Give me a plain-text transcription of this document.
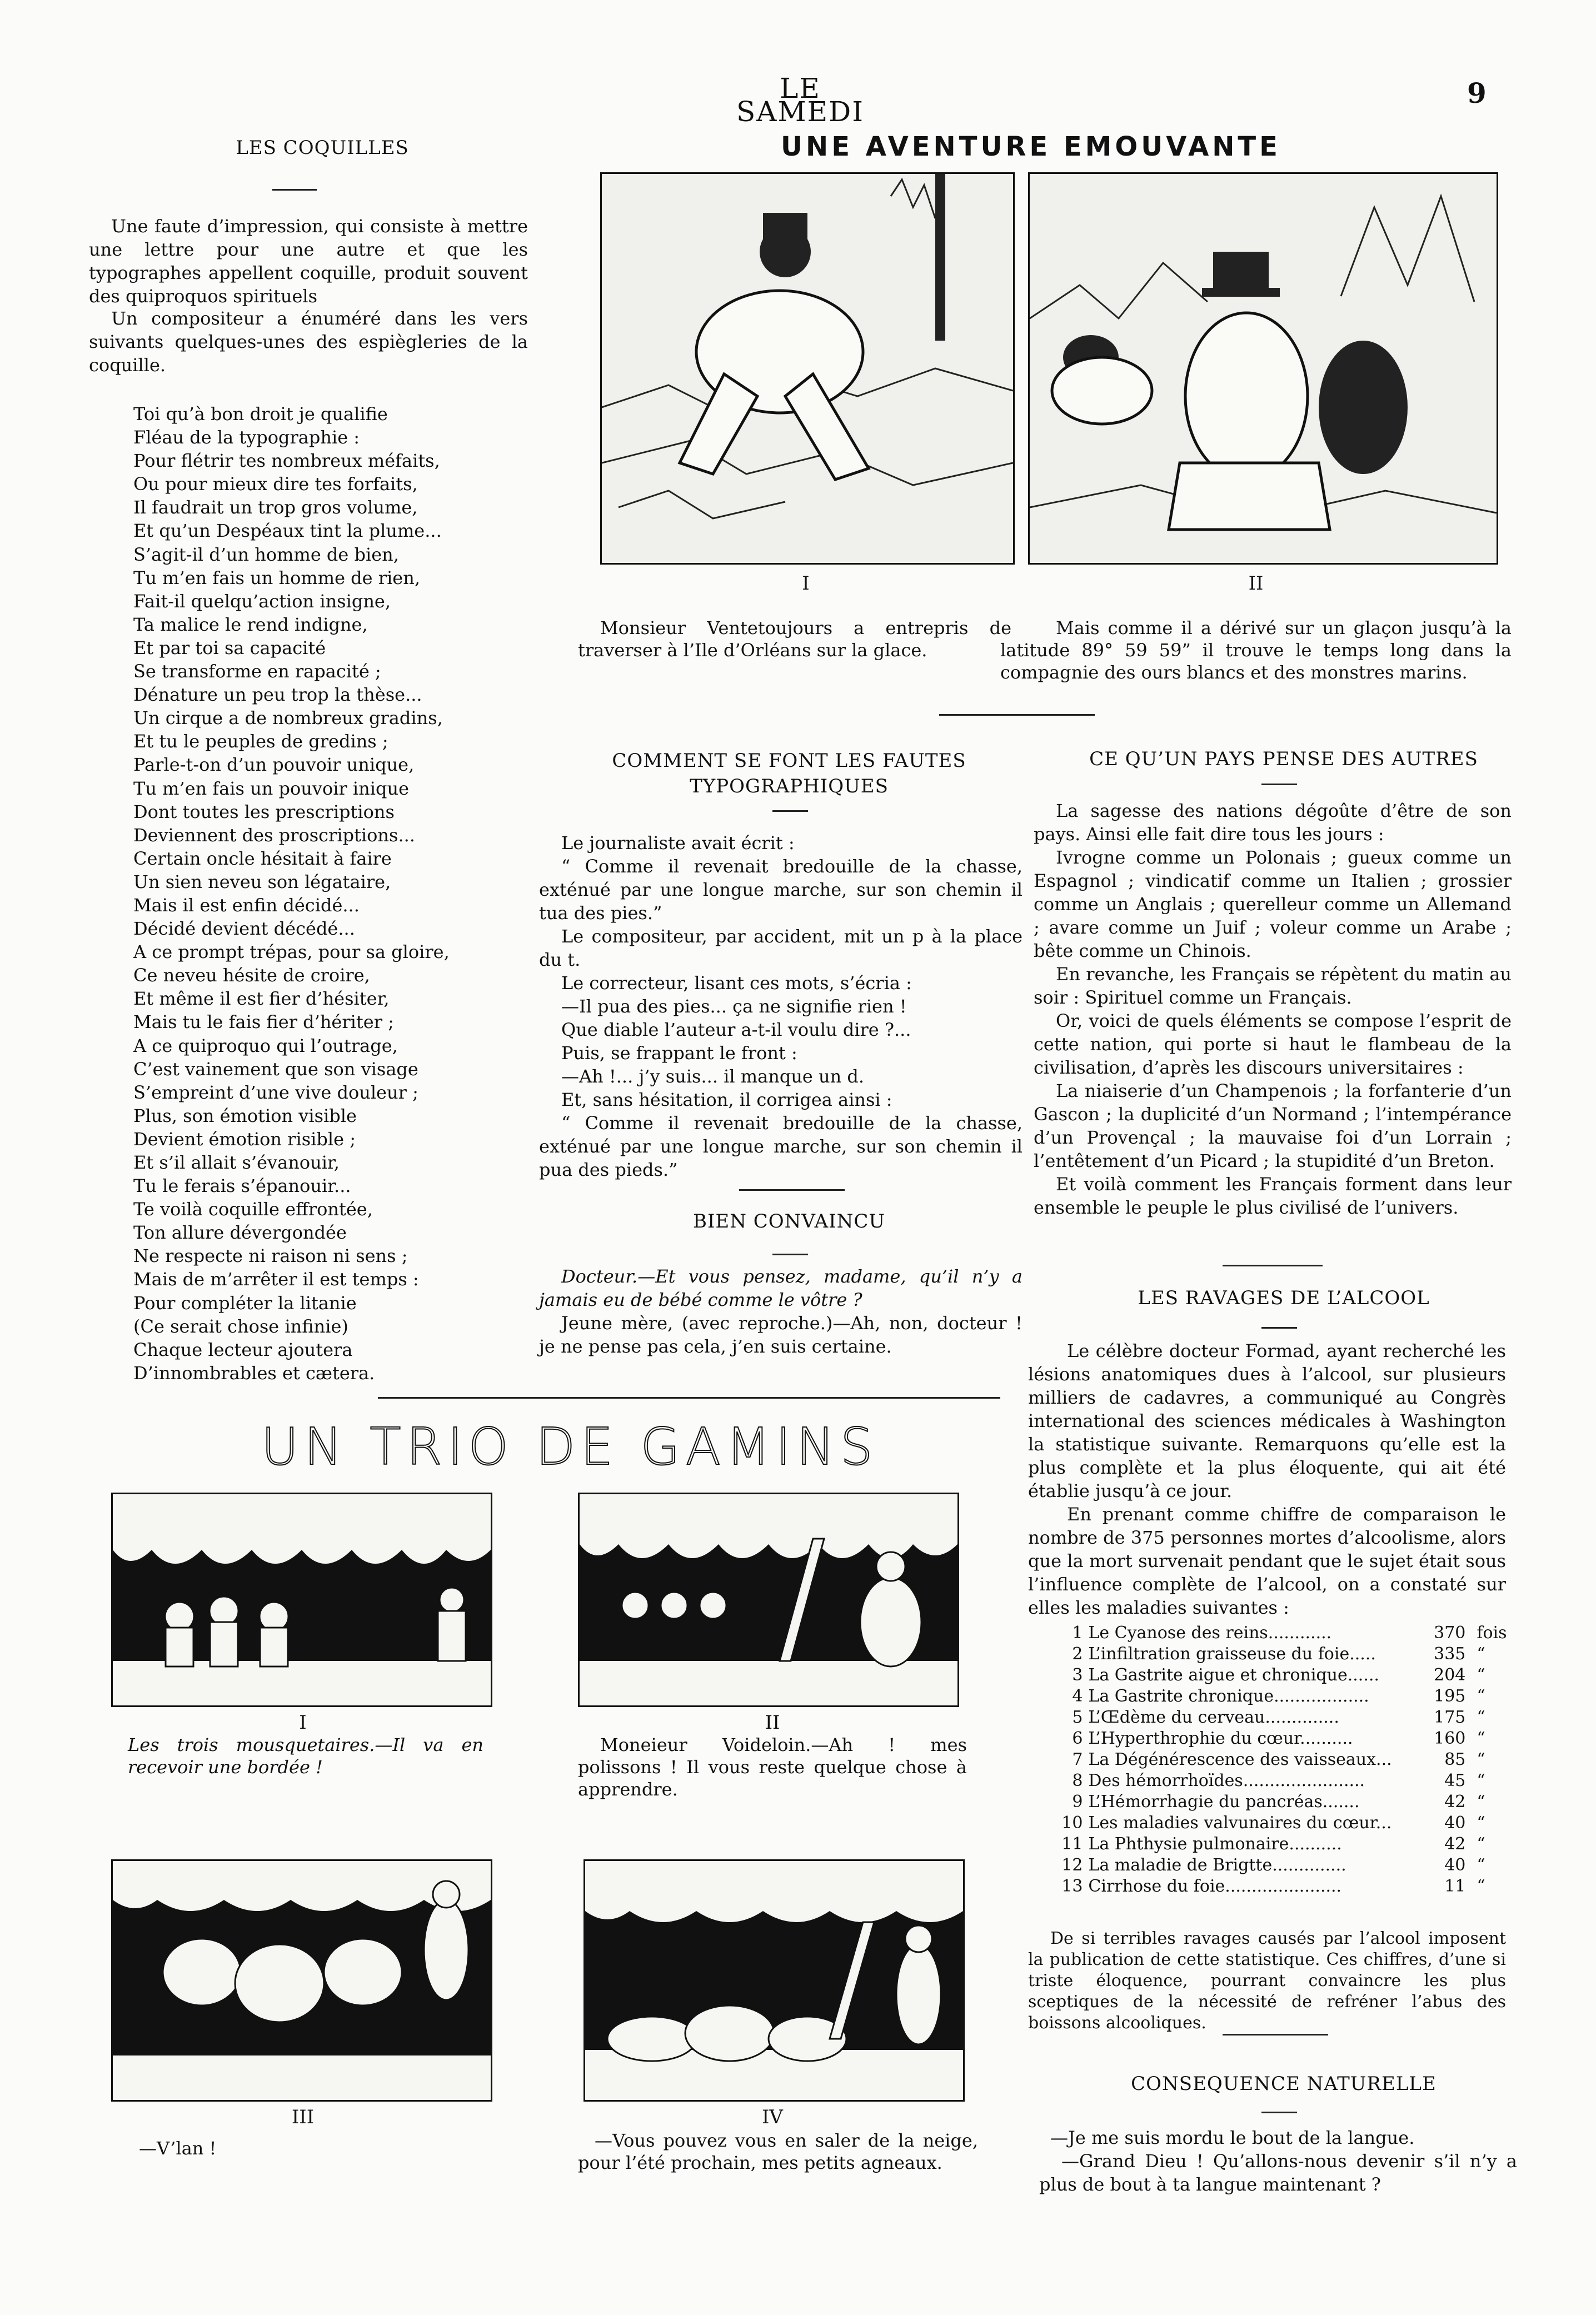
LE SAMEDI
9
LES COQUILLES
Une faute d’impression, qui consiste à mettre une lettre pour une autre et que les typographes appellent coquille, produit souvent des quiproquos spirituels
Un compositeur a énuméré dans les vers suivants quelques-unes des espiègleries de la coquille.

Toi qu’à bon droit je qualifie

Fléau de la typographie :

Pour flétrir tes nombreux méfaits,

Ou pour mieux dire tes forfaits,

Il faudrait un trop gros volume,

Et qu’un Despéaux tint la plume...

S’agit-il d’un homme de bien,

Tu m’en fais un homme de rien,

Fait-il quelqu’action insigne,

Ta malice le rend indigne,

Et par toi sa capacité

Se transforme en rapacité ;

Dénature un peu trop la thèse...

Un cirque a de nombreux gradins,

Et tu le peuples de gredins ;

Parle-t-on d’un pouvoir unique,

Tu m’en fais un pouvoir inique

Dont toutes les prescriptions

Deviennent des proscriptions...

Certain oncle hésitait à faire

Un sien neveu son légataire,

Mais il est enfin décidé...

Décidé devient décédé...

A ce prompt trépas, pour sa gloire,

Ce neveu hésite de croire,

Et même il est fier d’hésiter,

Mais tu le fais fier d’hériter ;

A ce quiproquo qui l’outrage,

C’est vainement que son visage

S’empreint d’une vive douleur ;

Plus, son émotion visible

Devient émotion risible ;

Et s’il allait s’évanouir,

Tu le ferais s’épanouir...

Te voilà coquille effrontée,

Ton allure dévergondée

Ne respecte ni raison ni sens ;

Mais de m’arrêter il est temps :

Pour compléter la litanie

(Ce serait chose infinie)

Chaque lecteur ajoutera

D’innombrables et cætera.

UNE AVENTURE EMOUVANTE
I	II
Monsieur Ventetoujours a entrepris de traverser à l’Ile d’Orléans sur la glace.
Mais comme il a dérivé sur un glaçon jusqu’à la latitude 89° 59 59” il trouve le temps long dans la compagnie des ours blancs et des monstres marins.
COMMENT SE FONT LES FAUTES TYPOGRAPHIQUES

Le journaliste avait écrit :

“ Comme il revenait bredouille de la chasse, exténué par une longue marche, sur son chemin il tua des pies.”

Le compositeur, par accident, mit un p à la place du t.

Le correcteur, lisant ces mots, s’écria :

—Il pua des pies... ça ne signifie rien !

Que diable l’auteur a-t-il voulu dire ?...

Puis, se frappant le front :

—Ah !... j’y suis... il manque un d.

Et, sans hésitation, il corrigea ainsi :

“ Comme il revenait bredouille de la chasse, exténué par une longue marche, sur son chemin il pua des pieds.”

BIEN CONVAINCU
Docteur.—Et vous pensez, madame, qu’il n’y a jamais eu de bébé comme le vôtre ?
Jeune mère, (avec reproche.)—Ah, non, docteur ! je ne pense pas cela, j’en suis certaine.
CE QU’UN PAYS PENSE DES AUTRES

La sagesse des nations dégoûte d’être de son pays. Ainsi elle fait dire tous les jours :

Ivrogne comme un Polonais ; gueux comme un Espagnol ; vindicatif comme un Italien ; grossier comme un Anglais ; querelleur comme un Allemand ; avare comme un Juif ; voleur comme un Arabe ; bête comme un Chinois.

En revanche, les Français se répètent du matin au soir : Spirituel comme un Français.

Or, voici de quels éléments se compose l’esprit de cette nation, qui porte si haut le flambeau de la civilisation, d’après les discours universitaires :

La niaiserie d’un Champenois ; la forfanterie d’un Gascon ; la duplicité d’un Normand ; l’intempérance d’un Provençal ; la mauvaise foi d’un Lorrain ; l’entêtement d’un Picard ; la stupidité d’un Breton.

Et voilà comment les Français forment dans leur ensemble le peuple le plus civilisé de l’univers.

LES RAVAGES DE L’ALCOOL
Le célèbre docteur Formad, ayant recherché les lésions anatomiques dues à l’alcool, sur plusieurs milliers de cadavres, a communiqué au Congrès international des sciences médicales à Washington la statistique suivante. Remarquons qu’elle est la plus complète et la plus éloquente, qui ait été établie jusqu’à ce jour.
En prenant comme chiffre de comparaison le nombre de 375 personnes mortes d’alcoolisme, alors que la mort survenait pendant que le sujet était sous l’influence complète de l’alcool, on a constaté sur elles les maladies suivantes :
1	Le Cyanose des reins............	370	fois
2	L’infiltration graisseuse du foie.....	335	“
3	La Gastrite aigue et chronique......	204	“
4	La Gastrite chronique..................	195	“
5	L’Œdème du cerveau..............	175	“
6	L’Hyperthrophie du cœur..........	160	“
7	La Dégénérescence des vaisseaux...	85	“
8	Des hémorrhoïdes.......................	45	“
9	L’Hémorrhagie du pancréas.......	42	“
10	Les maladies valvunaires du cœur...	40	“
11	La Phthysie pulmonaire..........	42	“
12	La maladie de Brigtte..............	40	“
13	Cirrhose du foie......................	11	“
De si terribles ravages causés par l’alcool imposent la publication de cette statistique. Ces chiffres, d’une si triste éloquence, pourrant convaincre les plus sceptiques de la nécessité de refréner l’abus des boissons alcooliques.
CONSEQUENCE NATURELLE
—Je me suis mordu le bout de la langue.
—Grand Dieu ! Qu’allons-nous devenir s’il n’y a plus de bout à ta langue maintenant ?
UN TRIO DE GAMINS
I	II
Les trois mousquetaires.—Il va en recevoir une bordée !
Moneieur Voideloin.—Ah ! mes polissons ! Il vous reste quelque chose à apprendre.
III	IV
—V’lan !	—Vous pouvez vous en saler de la neige, pour l’été prochain, mes petits agneaux.
